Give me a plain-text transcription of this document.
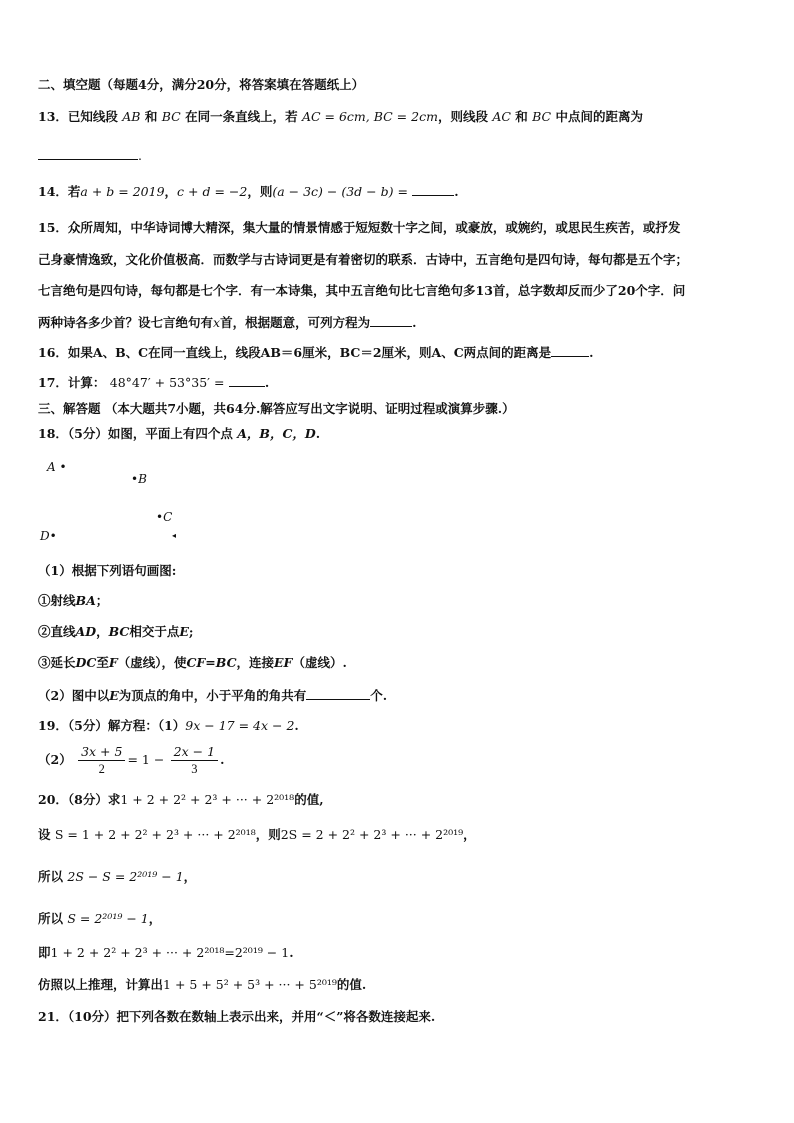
二、填空题（每题4分，满分20分，将答案填在答题纸上）
13．已知线段 AB 和 BC 在同一条直线上，若 AC = 6cm, BC = 2cm，则线段 AC 和 BC 中点间的距离为
.
14．若a + b = 2019，c + d = −2，则(a − 3c) − (3d − b) =	.
15．众所周知，中华诗词博大精深，集大量的情景情感于短短数十字之间，或豪放，或婉约，或思民生疾苦，或抒发
己身豪情逸致，文化价值极高．而数学与古诗词更是有着密切的联系．古诗中，五言绝句是四句诗，每句都是五个字；
七言绝句是四句诗，每句都是七个字．有一本诗集，其中五言绝句比七言绝句多13首，总字数却反而少了20个字．问
两种诗各多少首？设七言绝句有x首，根据题意，可列方程为	.
16．如果A、B、C在同一直线上，线段AB＝6厘米，BC＝2厘米，则A、C两点间的距离是	.
17．计算： 48°47′ + 53°35′ =	.
三、解答题 （本大题共7小题，共64分.解答应写出文字说明、证明过程或演算步骤.）
18．（5分）如图，平面上有四个点 A，B，C，D.
A •
•B
•C
D•	◂
（1）根据下列语句画图:
①射线BA；
②直线AD，BC相交于点E;
③延长DC至F（虚线），使CF=BC，连接EF（虚线）.
（2）图中以E为顶点的角中，小于平角的角共有	个.
19．（5分）解方程：（1）9x − 17 = 4x − 2.
$(2) \frac{3x + 5}{2} = 1 - \frac{2x - 1}{3}$ .
20．（8分）求1 + 2 + 2² + 2³ + ··· + 2²⁰¹⁸的值,
设 S = 1 + 2 + 2² + 2³ + ··· + 2²⁰¹⁸，则2S = 2 + 2² + 2³ + ··· + 2²⁰¹⁹，
所以 2S − S = 2²⁰¹⁹ − 1，
所以 S = 2²⁰¹⁹ − 1，
即1 + 2 + 2² + 2³ + ··· + 2²⁰¹⁸=2²⁰¹⁹ − 1.
仿照以上推理，计算出1 + 5 + 5² + 5³ + ··· + 5²⁰¹⁹的值.
21．（10分）把下列各数在数轴上表示出来，并用“＜”将各数连接起来.
